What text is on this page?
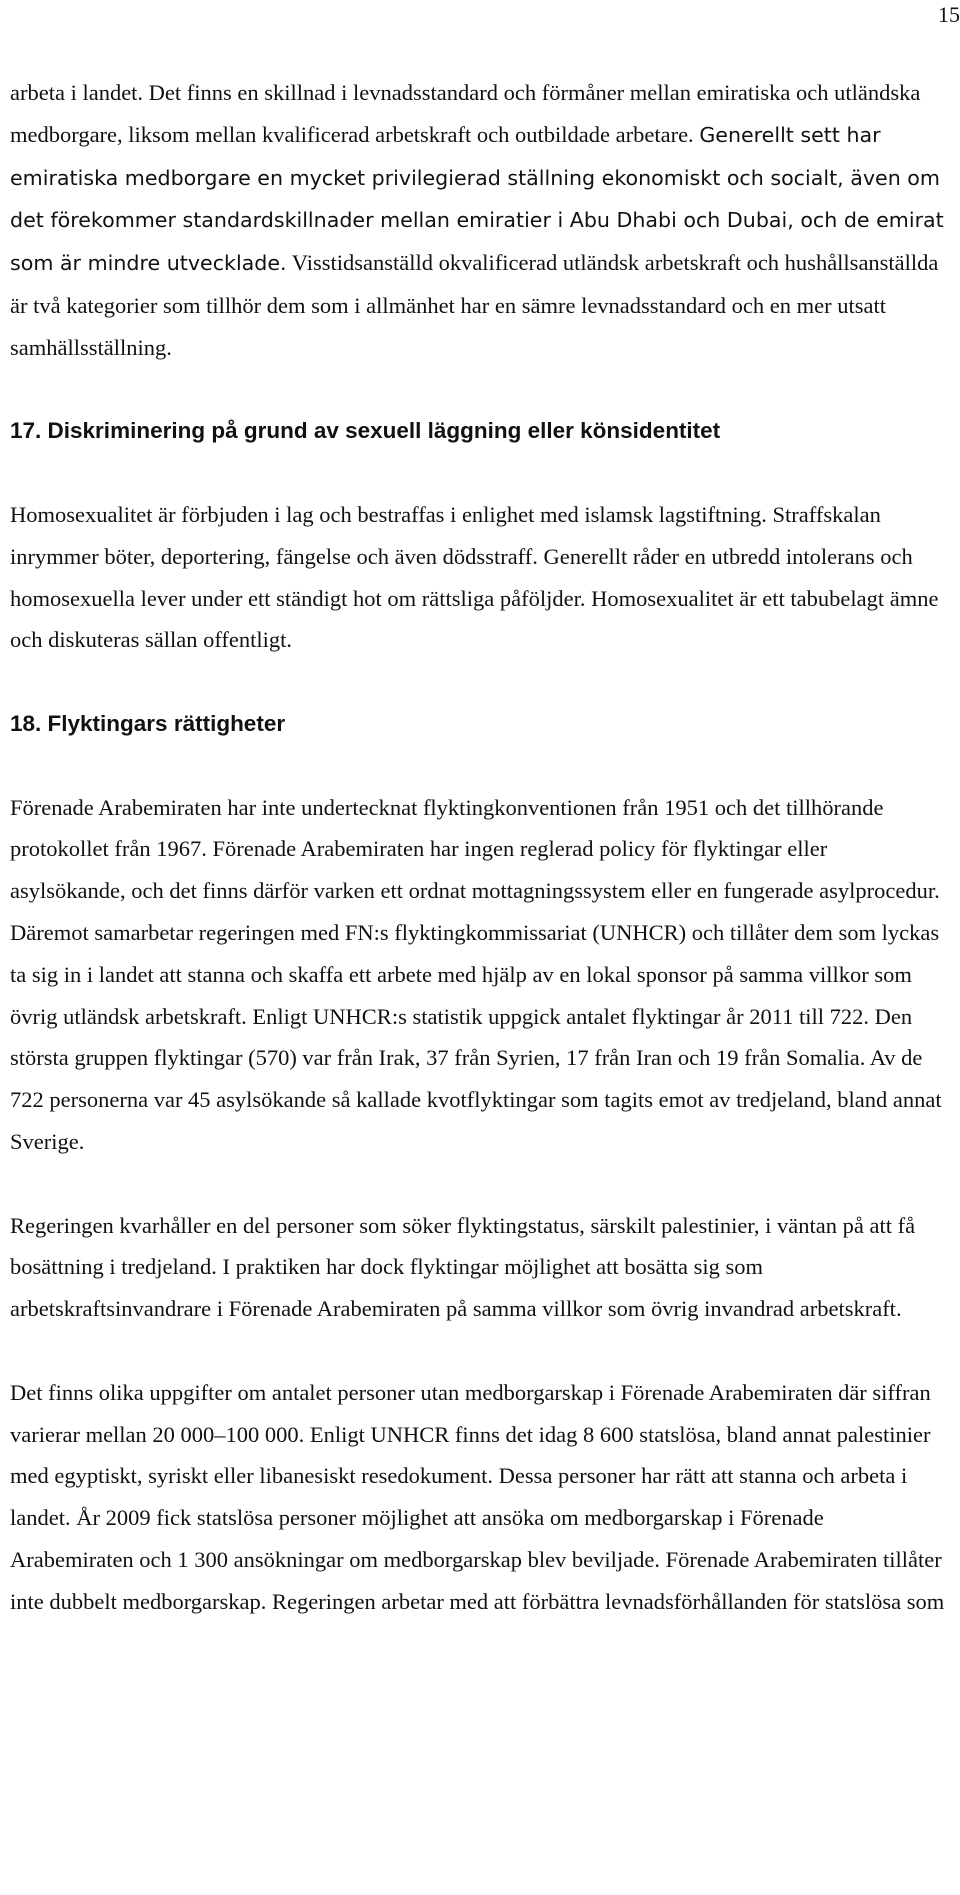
15

arbeta i landet. Det finns en skillnad i levnadsstandard och förmåner mellan emiratiska och utländska medborgare, liksom mellan kvalificerad arbetskraft och outbildade arbetare. Generellt sett har emiratiska medborgare en mycket privilegierad ställning ekonomiskt och socialt, även om det förekommer standardskillnader mellan emiratier i Abu Dhabi och Dubai, och de emirat som är mindre utvecklade. Visstidsanställd okvalificerad utländsk arbetskraft och hushållsanställda är två kategorier som tillhör dem som i allmänhet har en sämre levnadsstandard och en mer utsatt samhällsställning.

17. Diskriminering på grund av sexuell läggning eller könsidentitet

Homosexualitet är förbjuden i lag och bestraffas i enlighet med islamsk lagstiftning. Straffskalan inrymmer böter, deportering, fängelse och även dödsstraff. Generellt råder en utbredd intolerans och homosexuella lever under ett ständigt hot om rättsliga påföljder. Homosexualitet är ett tabubelagt ämne och diskuteras sällan offentligt.

18. Flyktingars rättigheter

Förenade Arabemiraten har inte undertecknat flyktingkonventionen från 1951 och det tillhörande protokollet från 1967. Förenade Arabemiraten har ingen reglerad policy för flyktingar eller asylsökande, och det finns därför varken ett ordnat mottagningssystem eller en fungerade asylprocedur. Däremot samarbetar regeringen med FN:s flyktingkommissariat (UNHCR) och tillåter dem som lyckas ta sig in i landet att stanna och skaffa ett arbete med hjälp av en lokal sponsor på samma villkor som övrig utländsk arbetskraft. Enligt UNHCR:s statistik uppgick antalet flyktingar år 2011 till 722. Den största gruppen flyktingar (570) var från Irak, 37 från Syrien, 17 från Iran och 19 från Somalia. Av de 722 personerna var 45 asylsökande så kallade kvotflyktingar som tagits emot av tredjeland, bland annat Sverige.

Regeringen kvarhåller en del personer som söker flyktingstatus, särskilt palestinier, i väntan på att få bosättning i tredjeland. I praktiken har dock flyktingar möjlighet att bosätta sig som arbetskraftsinvandrare i Förenade Arabemiraten på samma villkor som övrig invandrad arbetskraft.

Det finns olika uppgifter om antalet personer utan medborgarskap i Förenade Arabemiraten där siffran varierar mellan 20 000–100 000. Enligt UNHCR finns det idag 8 600 statslösa, bland annat palestinier med egyptiskt, syriskt eller libanesiskt resedokument. Dessa personer har rätt att stanna och arbeta i landet. År 2009 fick statslösa personer möjlighet att ansöka om medborgarskap i Förenade Arabemiraten och 1 300 ansökningar om medborgarskap blev beviljade. Förenade Arabemiraten tillåter inte dubbelt medborgarskap. Regeringen arbetar med att förbättra levnadsförhållanden för statslösa som
